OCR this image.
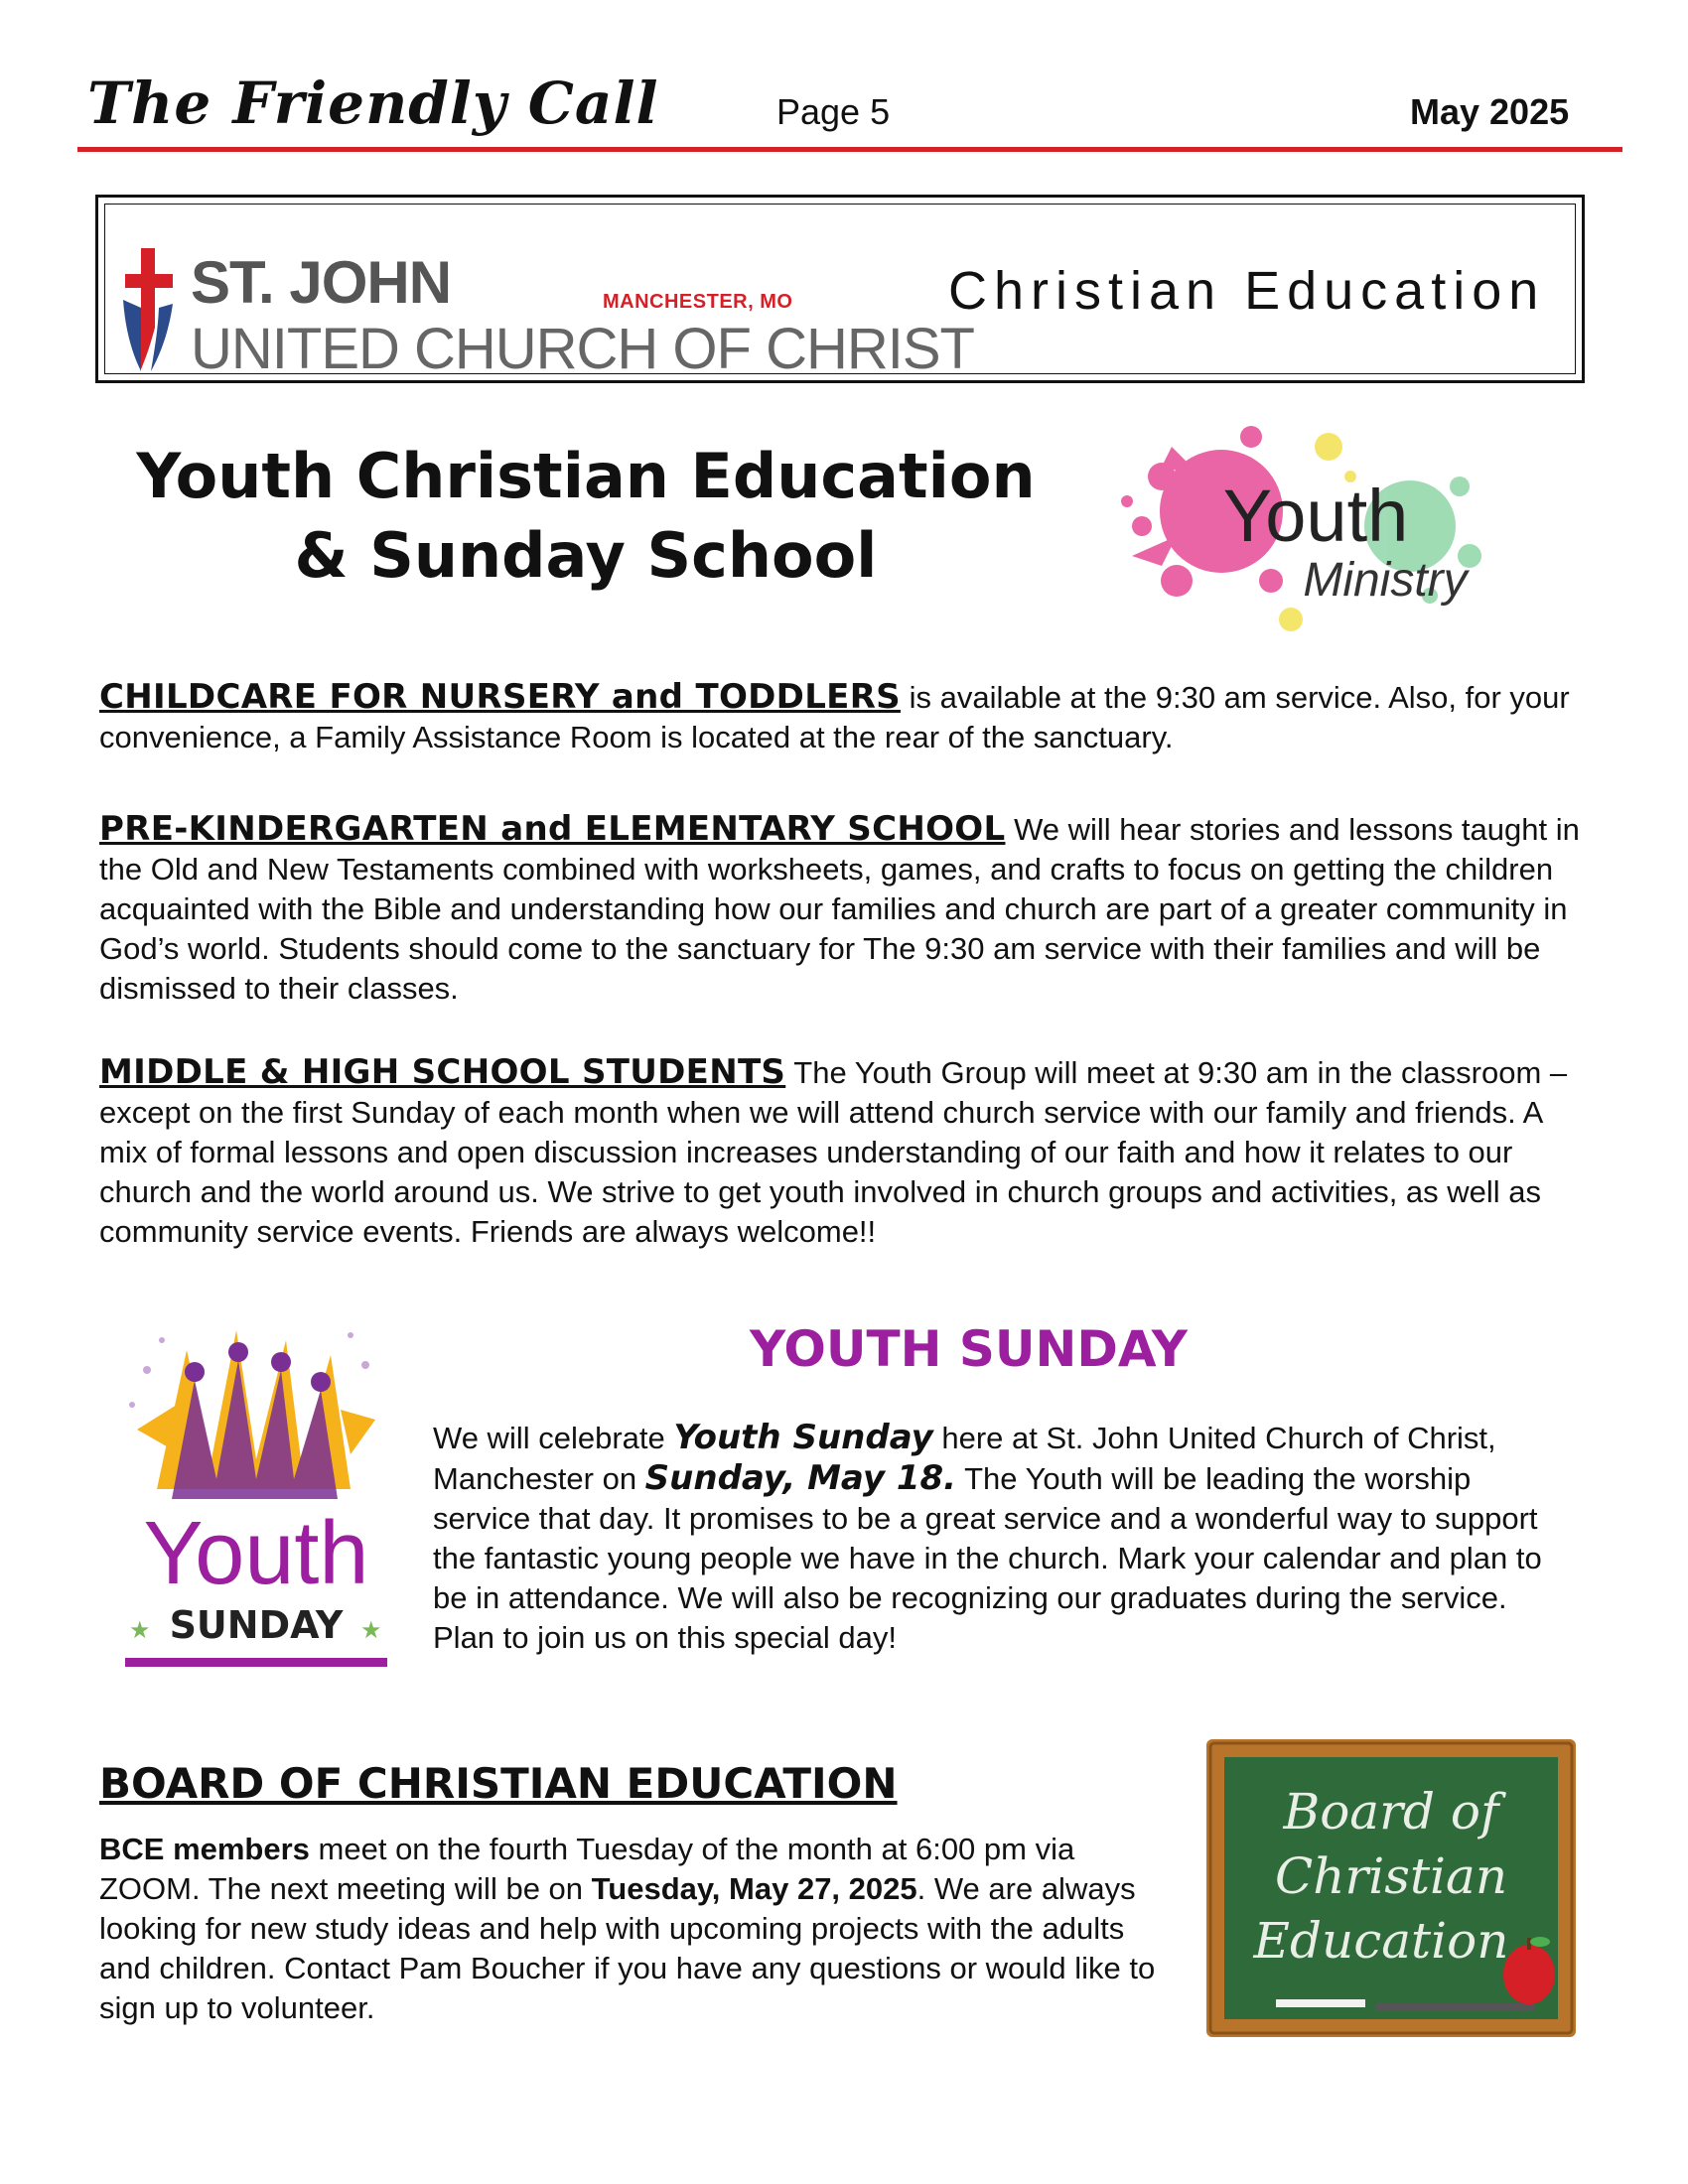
The Friendly Call	Page 5	May 2025
ST. JOHN
UNITED CHURCH OF CHRIST
MANCHESTER, MO	Christian Education
Youth Christian Education
& Sunday School	Youth
Ministry
CHILDCARE FOR NURSERY and TODDLERS is available at the 9:30 am service. Also, for your convenience, a Family Assistance Room is located at the rear of the sanctuary.
PRE-KINDERGARTEN and ELEMENTARY SCHOOL We will hear stories and lessons taught in the Old and New Testaments combined with worksheets, games, and crafts to focus on getting the children acquainted with the Bible and understanding how our families and church are part of a greater community in God’s world. Students should come to the sanctuary for The 9:30 am service with their families and will be dismissed to their classes.
MIDDLE & HIGH SCHOOL STUDENTS The Youth Group will meet at 9:30 am in the classroom – except on the first Sunday of each month when we will attend church service with our family and friends. A mix of formal lessons and open discussion increases understanding of our faith and how it relates to our church and the world around us. We strive to get youth involved in church groups and activities, as well as community service events. Friends are always welcome!!
Youth
SUNDAY
★	★
YOUTH SUNDAY
We will celebrate Youth Sunday here at St. John United Church of Christ, Manchester on Sunday, May 18. The Youth will be leading the worship service that day. It promises to be a great service and a wonderful way to support the fantastic young people we have in the church. Mark your calendar and plan to be in attendance. We will also be recognizing our graduates during the service. Plan to join us on this special day!
BOARD OF CHRISTIAN EDUCATION
BCE members meet on the fourth Tuesday of the month at 6:00 pm via ZOOM. The next meeting will be on Tuesday, May 27, 2025. We are always looking for new study ideas and help with upcoming projects with the adults and children. Contact Pam Boucher if you have any questions or would like to sign up to volunteer.
Board of
Christian
Education
